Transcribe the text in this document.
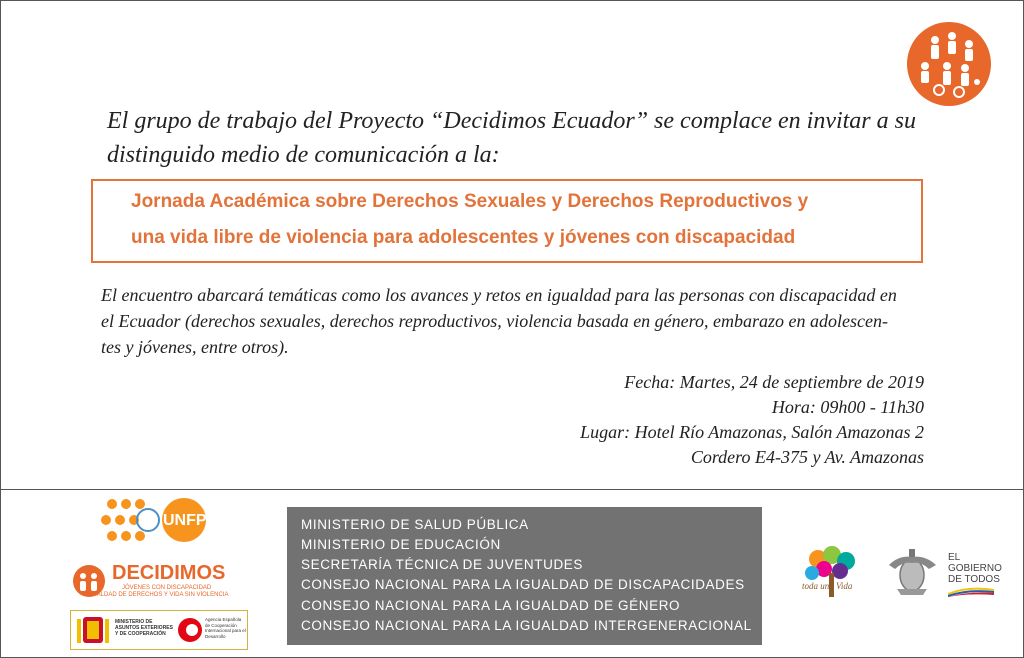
El grupo de trabajo del Proyecto “Decidimos Ecuador” se complace en invitar a su
distinguido medio de comunicación a la:
Jornada Académica sobre Derechos Sexuales y Derechos Reproductivos y
una vida libre de violencia para adolescentes y jóvenes con discapacidad
El encuentro abarcará temáticas como los avances y retos en igualdad para las personas con discapacidad en
el Ecuador (derechos sexuales, derechos reproductivos, violencia basada en género, embarazo en adolescen-
tes y jóvenes, entre otros).
Fecha: Martes, 24 de septiembre de 2019
Hora: 09h00 - 11h30
Lugar: Hotel Río Amazonas, Salón Amazonas 2
Cordero E4-375 y Av. Amazonas
UNFPA
DECIDIMOS
JÓVENES CON DISCAPACIDAD
IGUALDAD DE DERECHOS Y VIDA SIN VIOLENCIA
MINISTERIO DE ASUNTOS EXTERIORES Y DE COOPERACIÓN
Agencia Española de Cooperación Internacional para el Desarrollo
MINISTERIO DE SALUD PÚBLICA
MINISTERIO DE EDUCACIÓN
SECRETARÍA TÉCNICA DE JUVENTUDES
CONSEJO NACIONAL PARA LA IGUALDAD DE DISCAPACIDADES
CONSEJO NACIONAL PARA LA IGUALDAD DE GÉNERO
CONSEJO NACIONAL PARA LA IGUALDAD INTERGENERACIONAL
toda una Vida
EL
GOBIERNO
DE TODOS
